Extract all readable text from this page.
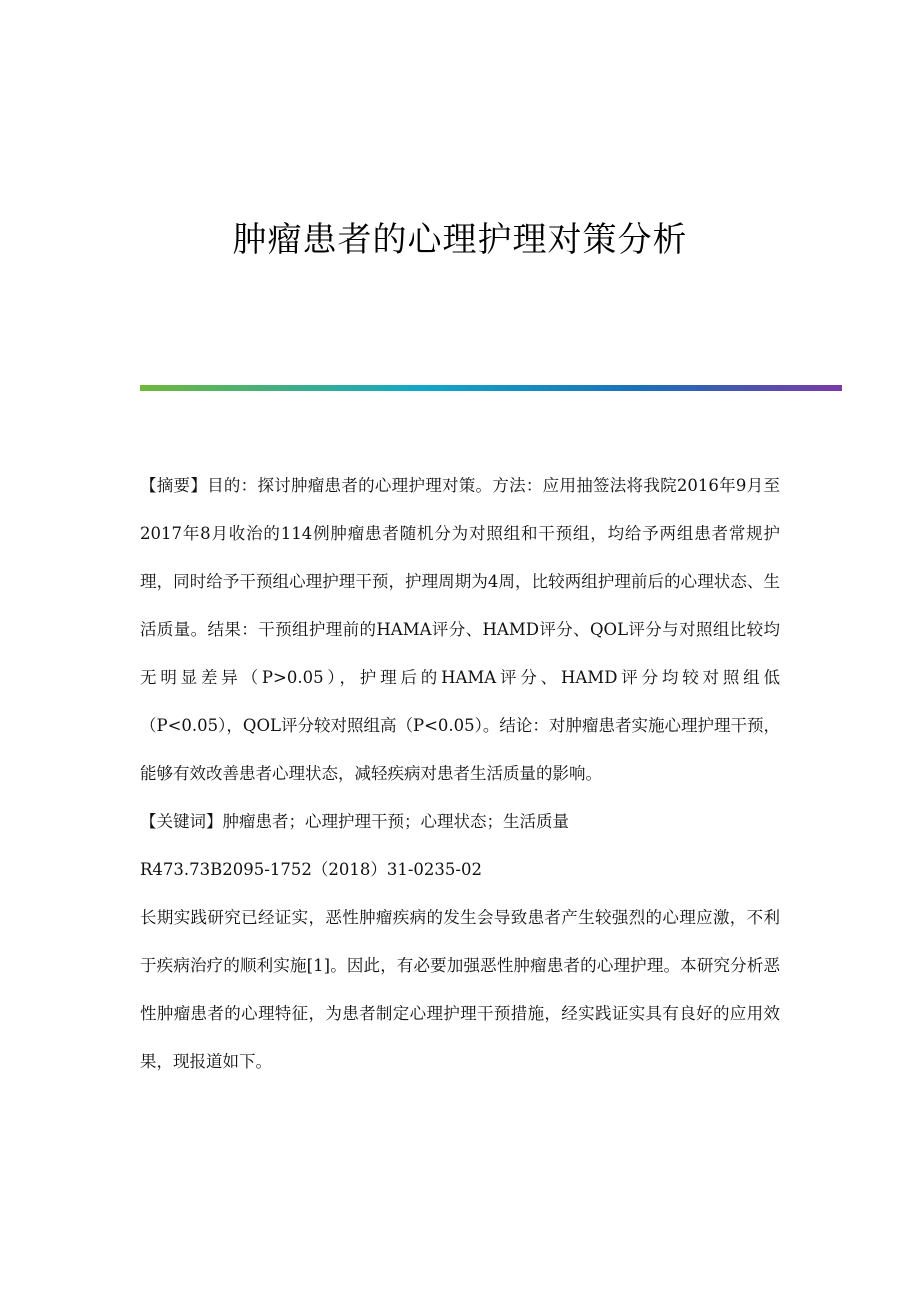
肿瘤患者的心理护理对策分析

【摘要】目的：探讨肿瘤患者的心理护理对策。方法：应用抽签法将我院2016年9月至2017年8月收治的114例肿瘤患者随机分为对照组和干预组，均给予两组患者常规护理，同时给予干预组心理护理干预，护理周期为4周，比较两组护理前后的心理状态、生活质量。结果：干预组护理前的HAMA评分、HAMD评分、QOL评分与对照组比较均无明显差异（P>0.05），护理后的HAMA评分、HAMD评分均较对照组低（P<0.05），QOL评分较对照组高（P<0.05）。结论：对肿瘤患者实施心理护理干预，能够有效改善患者心理状态，减轻疾病对患者生活质量的影响。

【关键词】肿瘤患者；心理护理干预；心理状态；生活质量

R473.73B2095-1752（2018）31-0235-02

长期实践研究已经证实，恶性肿瘤疾病的发生会导致患者产生较强烈的心理应激，不利于疾病治疗的顺利实施[1]。因此，有必要加强恶性肿瘤患者的心理护理。本研究分析恶性肿瘤患者的心理特征，为患者制定心理护理干预措施，经实践证实具有良好的应用效果，现报道如下。
